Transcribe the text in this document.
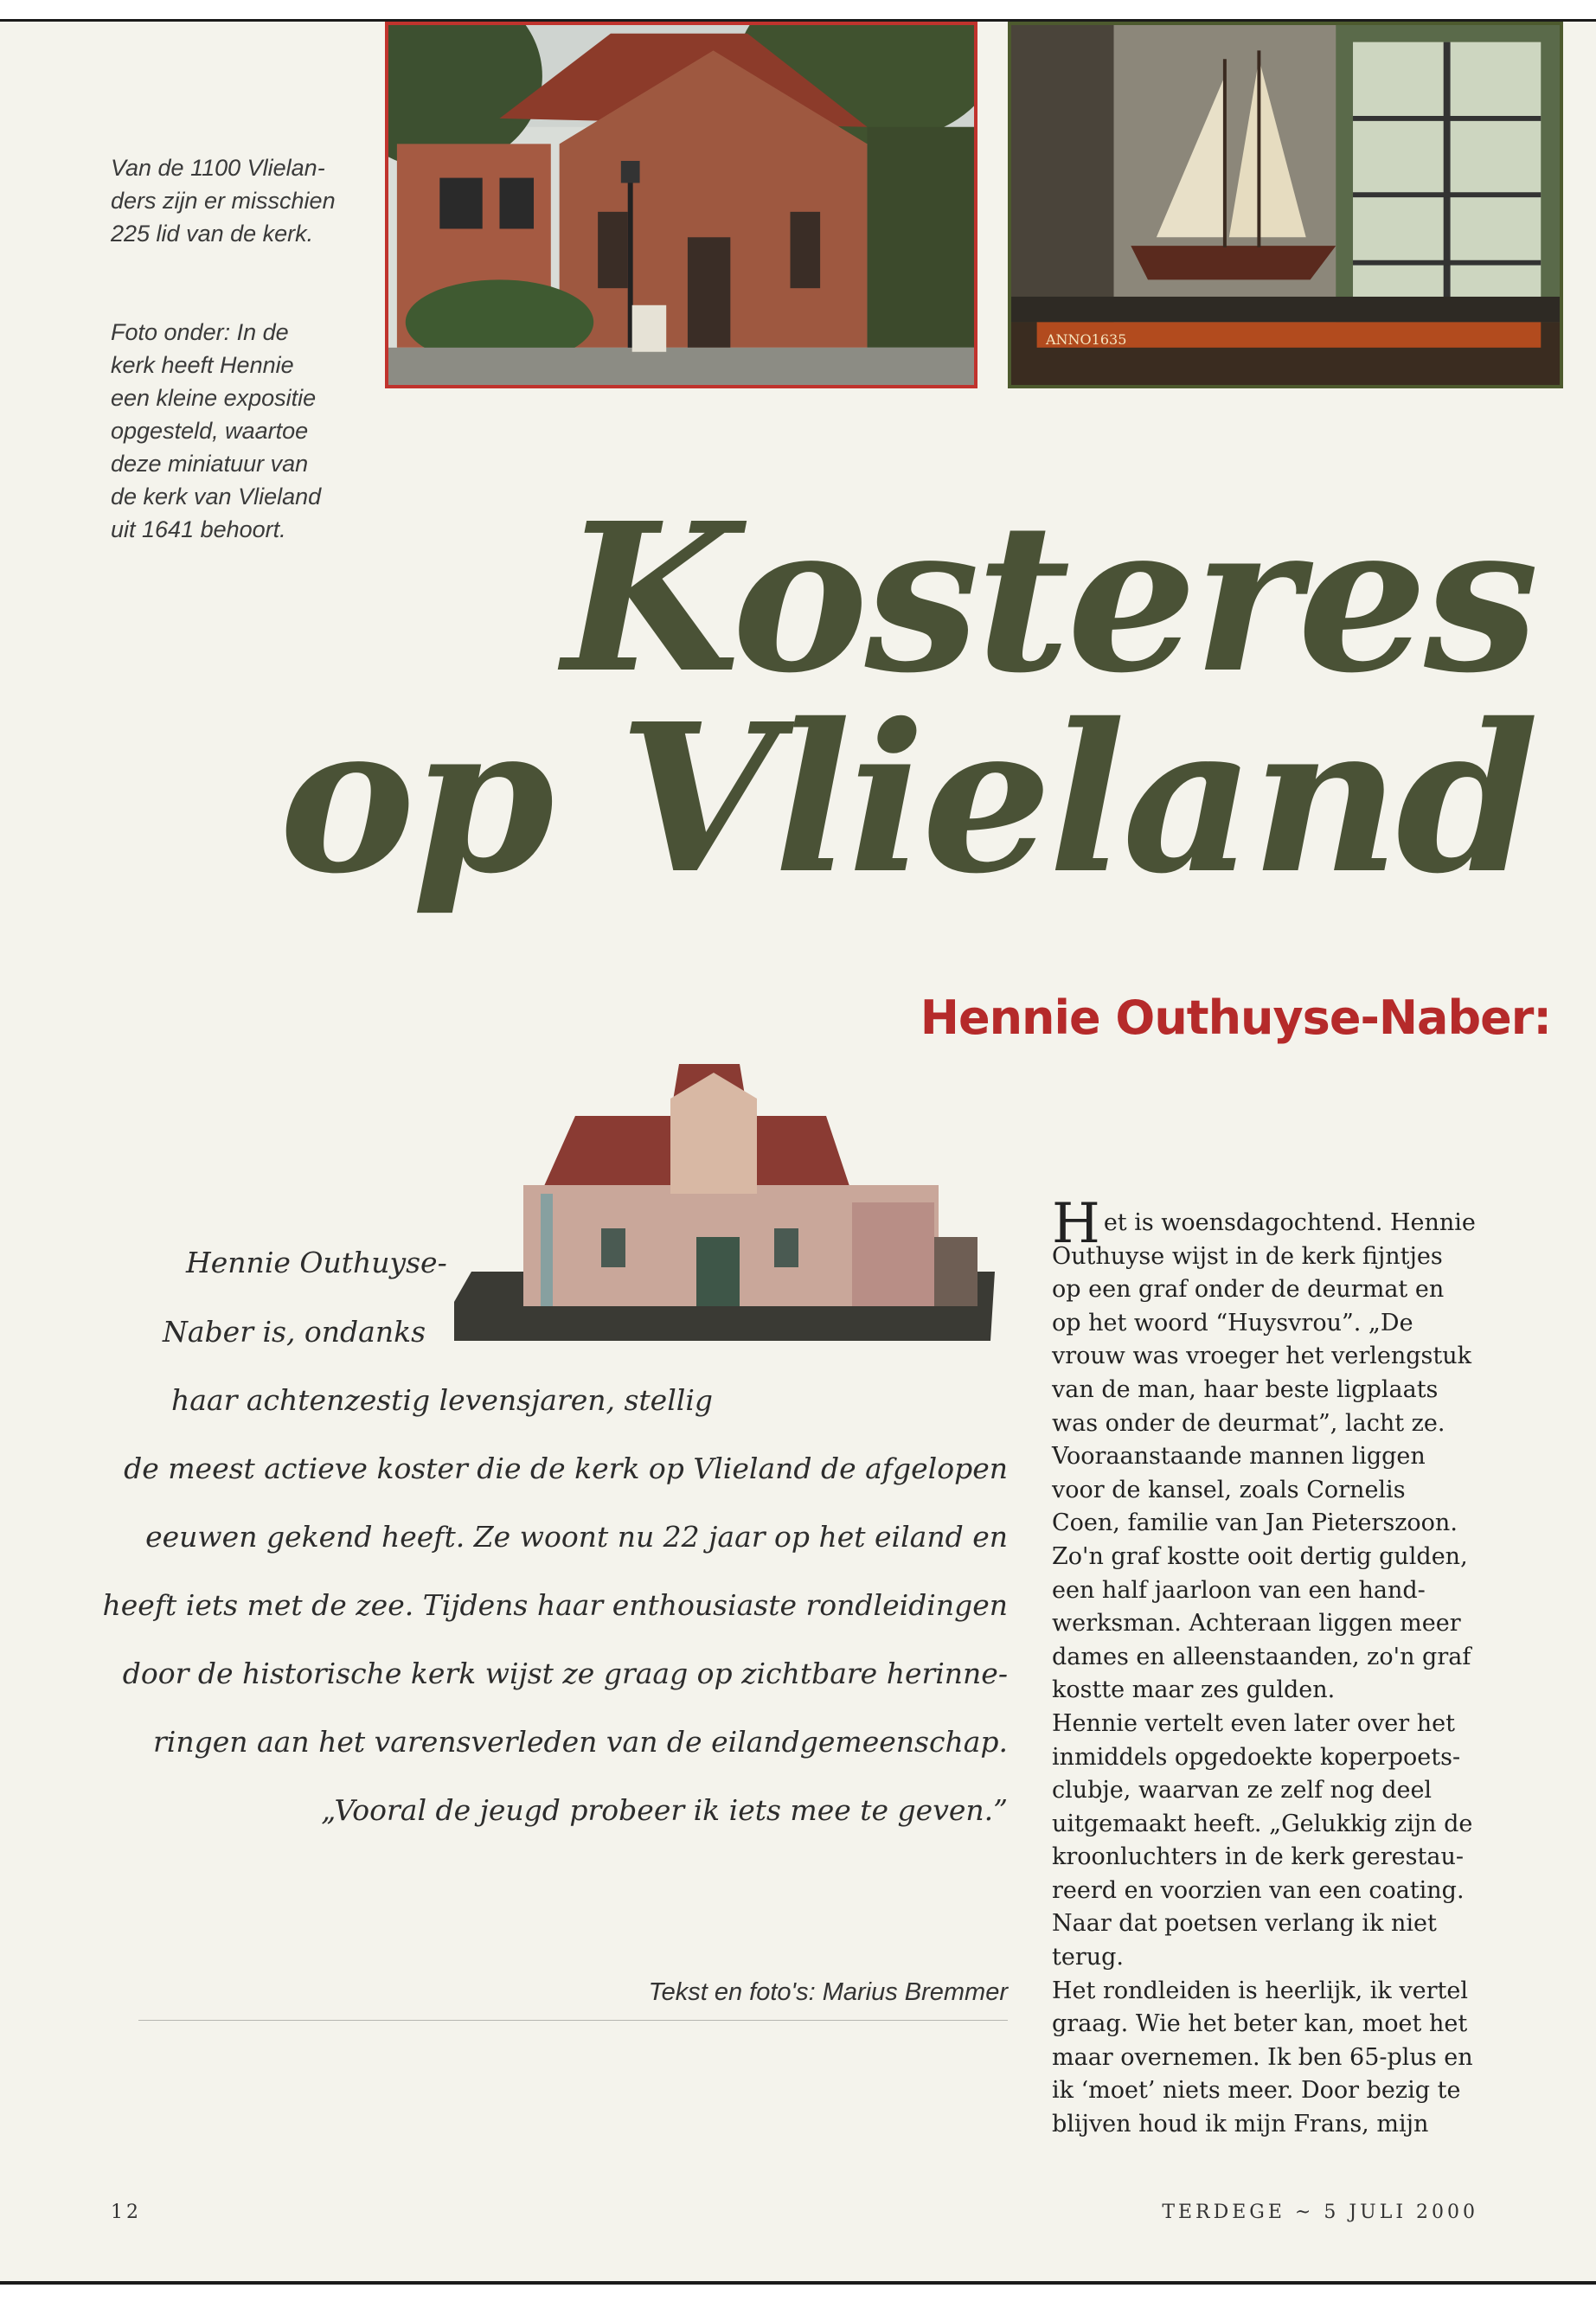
ANNO1635

Van de 1100 Vlielan-

ders zijn er misschien

225 lid van de kerk.

Foto onder: In de

kerk heeft Hennie

een kleine expositie

opgesteld, waartoe

deze miniatuur van

de kerk van Vlieland

uit 1641 behoort. Kosteres
op Vlieland
Hennie Outhuyse-Naber:
Hennie Outhuyse-
Naber is, ondanks
haar achtenzestig levensjaren, stellig
de meest actieve koster die de kerk op Vlieland de afgelopen
eeuwen gekend heeft. Ze woont nu 22 jaar op het eiland en
heeft iets met de zee. Tijdens haar enthousiaste rondleidingen
door de historische kerk wijst ze graag op zichtbare herinne-
ringen aan het varensverleden van de eilandgemeenschap.
„Vooral de jeugd probeer ik iets mee te geven.”
Tekst en foto's: Marius Bremmer

Het is woensdagochtend. Hennie

Outhuyse wijst in de kerk fijntjes

op een graf onder de deurmat en

op het woord “Huysvrou”. „De

vrouw was vroeger het verlengstuk

van de man, haar beste ligplaats

was onder de deurmat”, lacht ze.

Vooraanstaande mannen liggen

voor de kansel, zoals Cornelis

Coen, familie van Jan Pieterszoon.

Zo'n graf kostte ooit dertig gulden,

een half jaarloon van een hand-

werksman. Achteraan liggen meer

dames en alleenstaanden, zo'n graf

kostte maar zes gulden.

Hennie vertelt even later over het

inmiddels opgedoekte koperpoets-

clubje, waarvan ze zelf nog deel

uitgemaakt heeft. „Gelukkig zijn de

kroonluchters in de kerk gerestau-

reerd en voorzien van een coating.

Naar dat poetsen verlang ik niet

terug.

Het rondleiden is heerlijk, ik vertel

graag. Wie het beter kan, moet het

maar overnemen. Ik ben 65-plus en

ik ‘moet’ niets meer. Door bezig te

blijven houd ik mijn Frans, mijn

12	TERDEGE ~ 5 JULI 2000
